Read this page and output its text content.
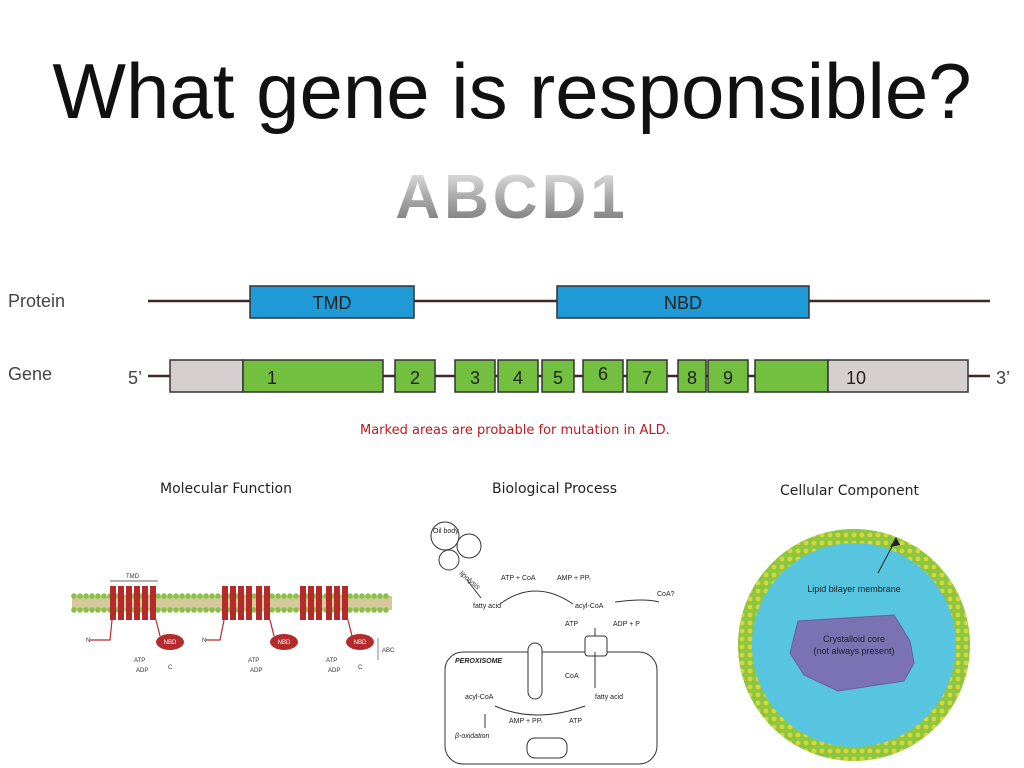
What gene is responsible?
ABCD1
Protein	TMD	NBD
Gene	5’	3’
1	2	3 4 5 6 7 8 9	10
Marked areas are probable for mutation in ALD.
Molecular Function	Biological Process	Cellular Component
TMD
NBD	NBD	NBD
N	N
ATP
ADP	C
ATP
ADP
ATP
ADP	C
ABC
Oil body
lipolysis	ATP + CoA	AMP + PPᵢ
fatty acid	acyl-CoA
CoA?
ATP	ADP + P
PEROXISOME
CoA
fatty acid
acyl-CoA
AMP + PPᵢ	ATP
β-oxidation
Lipid bilayer membrane
Crystalloid core
(not always present)
